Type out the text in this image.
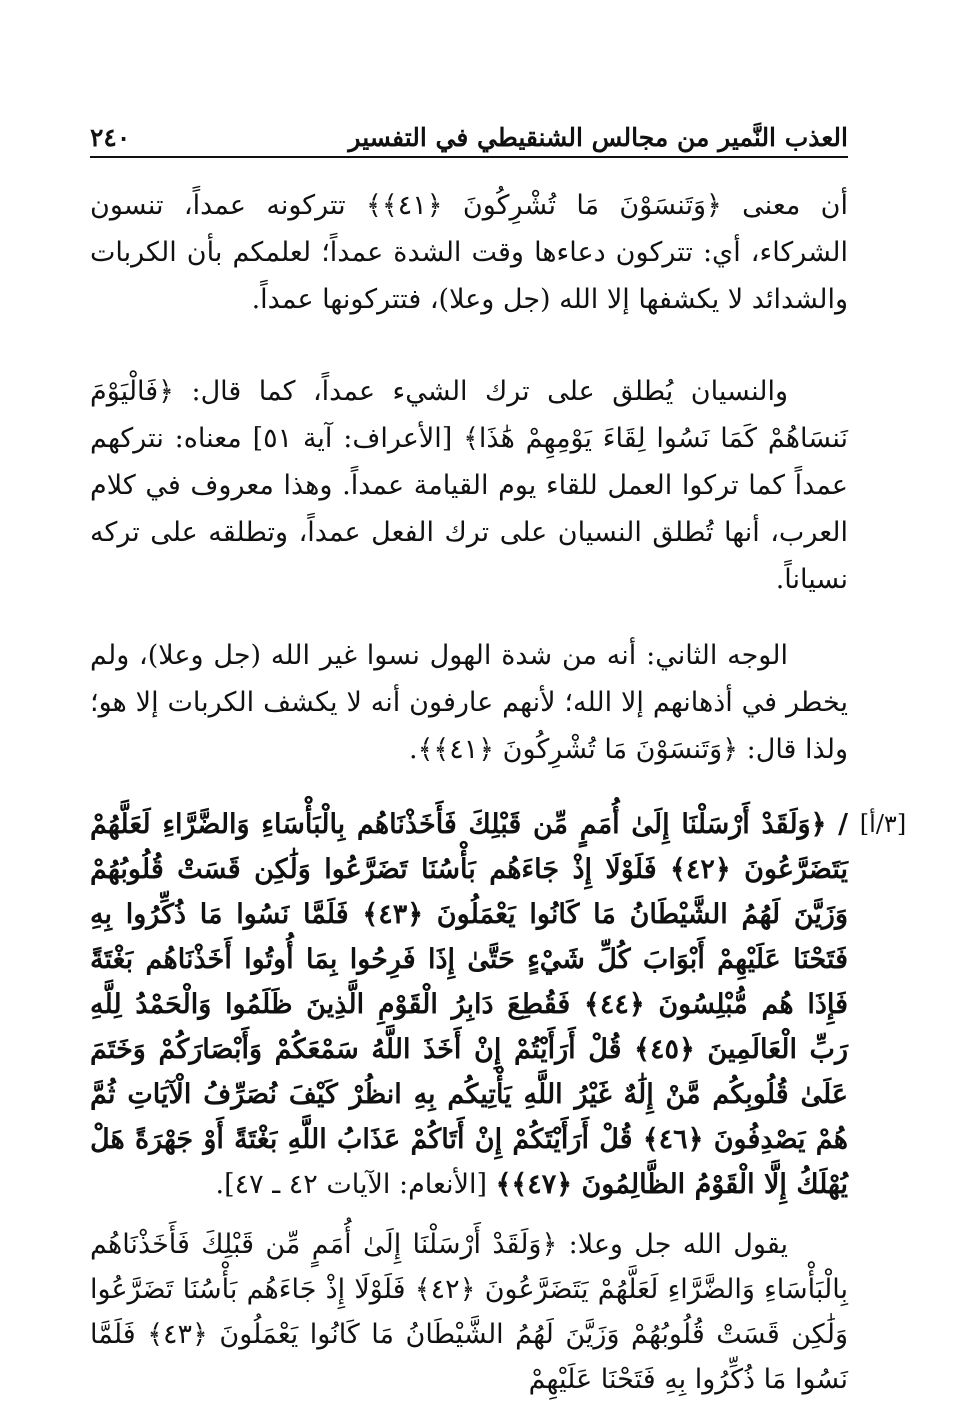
العذب النَّمير من مجالس الشنقيطي في التفسير
٢٤٠
أن معنى ﴿وَتَنسَوْنَ مَا تُشْرِكُونَ ﴿٤١﴾﴾ تتركونه عمداً، تنسون الشركاء، أي: تتركون دعاءها وقت الشدة عمداً؛ لعلمكم بأن الكربات والشدائد لا يكشفها إلا الله (جل وعلا)، فتتركونها عمداً.
والنسيان يُطلق على ترك الشيء عمداً، كما قال: ﴿فَالْيَوْمَ نَنسَاهُمْ كَمَا نَسُوا لِقَاءَ يَوْمِهِمْ هَٰذَا﴾ [الأعراف: آية ٥١] معناه: نتركهم عمداً كما تركوا العمل للقاء يوم القيامة عمداً. وهذا معروف في كلام العرب، أنها تُطلق النسيان على ترك الفعل عمداً، وتطلقه على تركه نسياناً.
الوجه الثاني: أنه من شدة الهول نسوا غير الله (جل وعلا)، ولم يخطر في أذهانهم إلا الله؛ لأنهم عارفون أنه لا يكشف الكربات إلا هو؛ ولذا قال: ﴿وَتَنسَوْنَ مَا تُشْرِكُونَ ﴿٤١﴾﴾.
[٣/أ]
/ ﴿وَلَقَدْ أَرْسَلْنَا إِلَىٰ أُمَمٍ مِّن قَبْلِكَ فَأَخَذْنَاهُم بِالْبَأْسَاءِ وَالضَّرَّاءِ لَعَلَّهُمْ يَتَضَرَّعُونَ ﴿٤٢﴾ فَلَوْلَا إِذْ جَاءَهُم بَأْسُنَا تَضَرَّعُوا وَلَٰكِن قَسَتْ قُلُوبُهُمْ وَزَيَّنَ لَهُمُ الشَّيْطَانُ مَا كَانُوا يَعْمَلُونَ ﴿٤٣﴾ فَلَمَّا نَسُوا مَا ذُكِّرُوا بِهِ فَتَحْنَا عَلَيْهِمْ أَبْوَابَ كُلِّ شَيْءٍ حَتَّىٰ إِذَا فَرِحُوا بِمَا أُوتُوا أَخَذْنَاهُم بَغْتَةً فَإِذَا هُم مُّبْلِسُونَ ﴿٤٤﴾ فَقُطِعَ دَابِرُ الْقَوْمِ الَّذِينَ ظَلَمُوا وَالْحَمْدُ لِلَّهِ رَبِّ الْعَالَمِينَ ﴿٤٥﴾ قُلْ أَرَأَيْتُمْ إِنْ أَخَذَ اللَّهُ سَمْعَكُمْ وَأَبْصَارَكُمْ وَخَتَمَ عَلَىٰ قُلُوبِكُم مَّنْ إِلَٰهٌ غَيْرُ اللَّهِ يَأْتِيكُم بِهِ انظُرْ كَيْفَ نُصَرِّفُ الْآيَاتِ ثُمَّ هُمْ يَصْدِفُونَ ﴿٤٦﴾ قُلْ أَرَأَيْتَكُمْ إِنْ أَتَاكُمْ عَذَابُ اللَّهِ بَغْتَةً أَوْ جَهْرَةً هَلْ يُهْلَكُ إِلَّا الْقَوْمُ الظَّالِمُونَ ﴿٤٧﴾﴾ [الأنعام: الآيات ٤٢ ـ ٤٧].
يقول الله جل وعلا: ﴿وَلَقَدْ أَرْسَلْنَا إِلَىٰ أُمَمٍ مِّن قَبْلِكَ فَأَخَذْنَاهُم بِالْبَأْسَاءِ وَالضَّرَّاءِ لَعَلَّهُمْ يَتَضَرَّعُونَ ﴿٤٢﴾ فَلَوْلَا إِذْ جَاءَهُم بَأْسُنَا تَضَرَّعُوا وَلَٰكِن قَسَتْ قُلُوبُهُمْ وَزَيَّنَ لَهُمُ الشَّيْطَانُ مَا كَانُوا يَعْمَلُونَ ﴿٤٣﴾ فَلَمَّا نَسُوا مَا ذُكِّرُوا بِهِ فَتَحْنَا عَلَيْهِمْ
